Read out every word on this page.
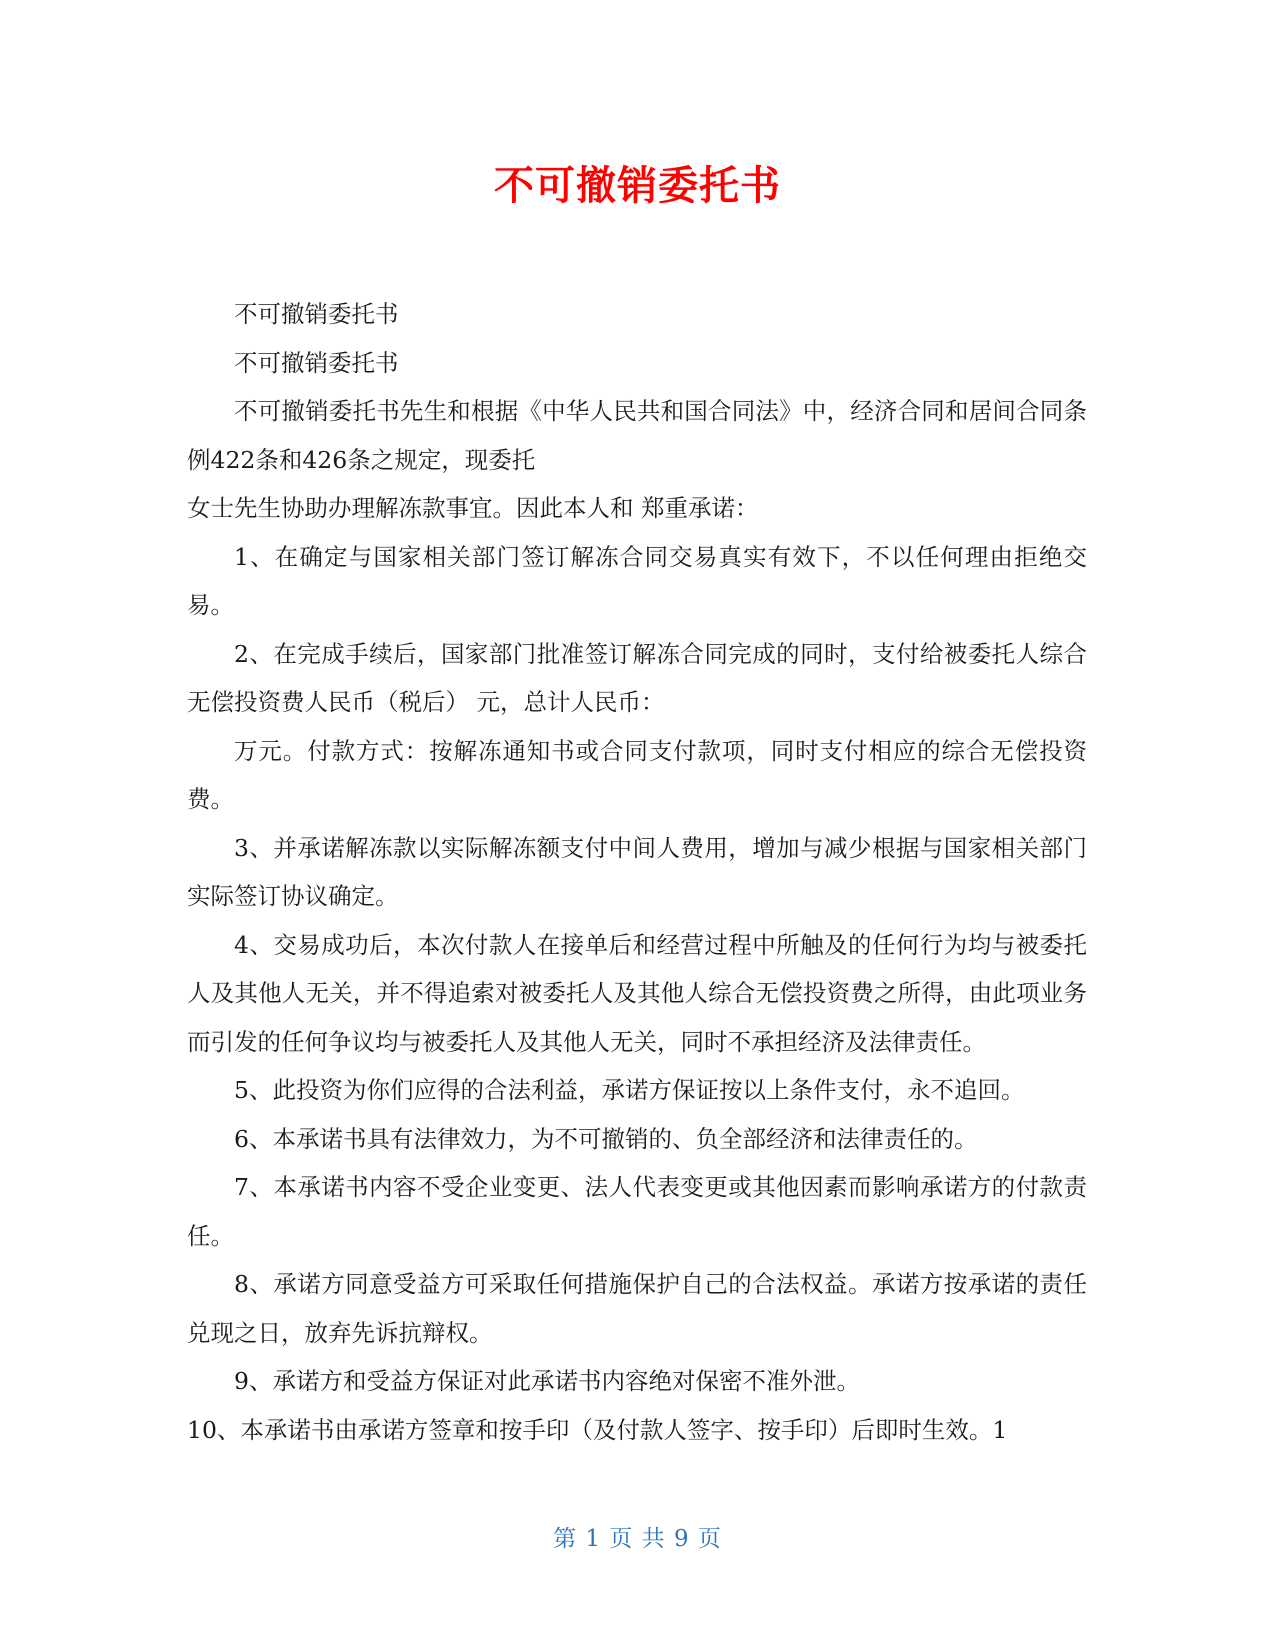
不可撤销委托书

不可撤销委托书

不可撤销委托书

不可撤销委托书先生和根据《中华人民共和国合同法》中，经济合同和居间合同条例422条和426条之规定，现委托

女士先生协助办理解冻款事宜。因此本人和 郑重承诺：

1、在确定与国家相关部门签订解冻合同交易真实有效下，不以任何理由拒绝交易。

2、在完成手续后，国家部门批准签订解冻合同完成的同时，支付给被委托人综合无偿投资费人民币（税后） 元，总计人民币：

万元。付款方式：按解冻通知书或合同支付款项，同时支付相应的综合无偿投资费。

3、并承诺解冻款以实际解冻额支付中间人费用，增加与减少根据与国家相关部门实际签订协议确定。

4、交易成功后，本次付款人在接单后和经营过程中所触及的任何行为均与被委托人及其他人无关，并不得追索对被委托人及其他人综合无偿投资费之所得，由此项业务而引发的任何争议均与被委托人及其他人无关，同时不承担经济及法律责任。

5、此投资为你们应得的合法利益，承诺方保证按以上条件支付，永不追回。

6、本承诺书具有法律效力，为不可撤销的、负全部经济和法律责任的。

7、本承诺书内容不受企业变更、法人代表变更或其他因素而影响承诺方的付款责任。

8、承诺方同意受益方可采取任何措施保护自己的合法权益。承诺方按承诺的责任兑现之日，放弃先诉抗辩权。

9、承诺方和受益方保证对此承诺书内容绝对保密不准外泄。

10、本承诺书由承诺方签章和按手印（及付款人签字、按手印）后即时生效。1

第 1 页 共 9 页
